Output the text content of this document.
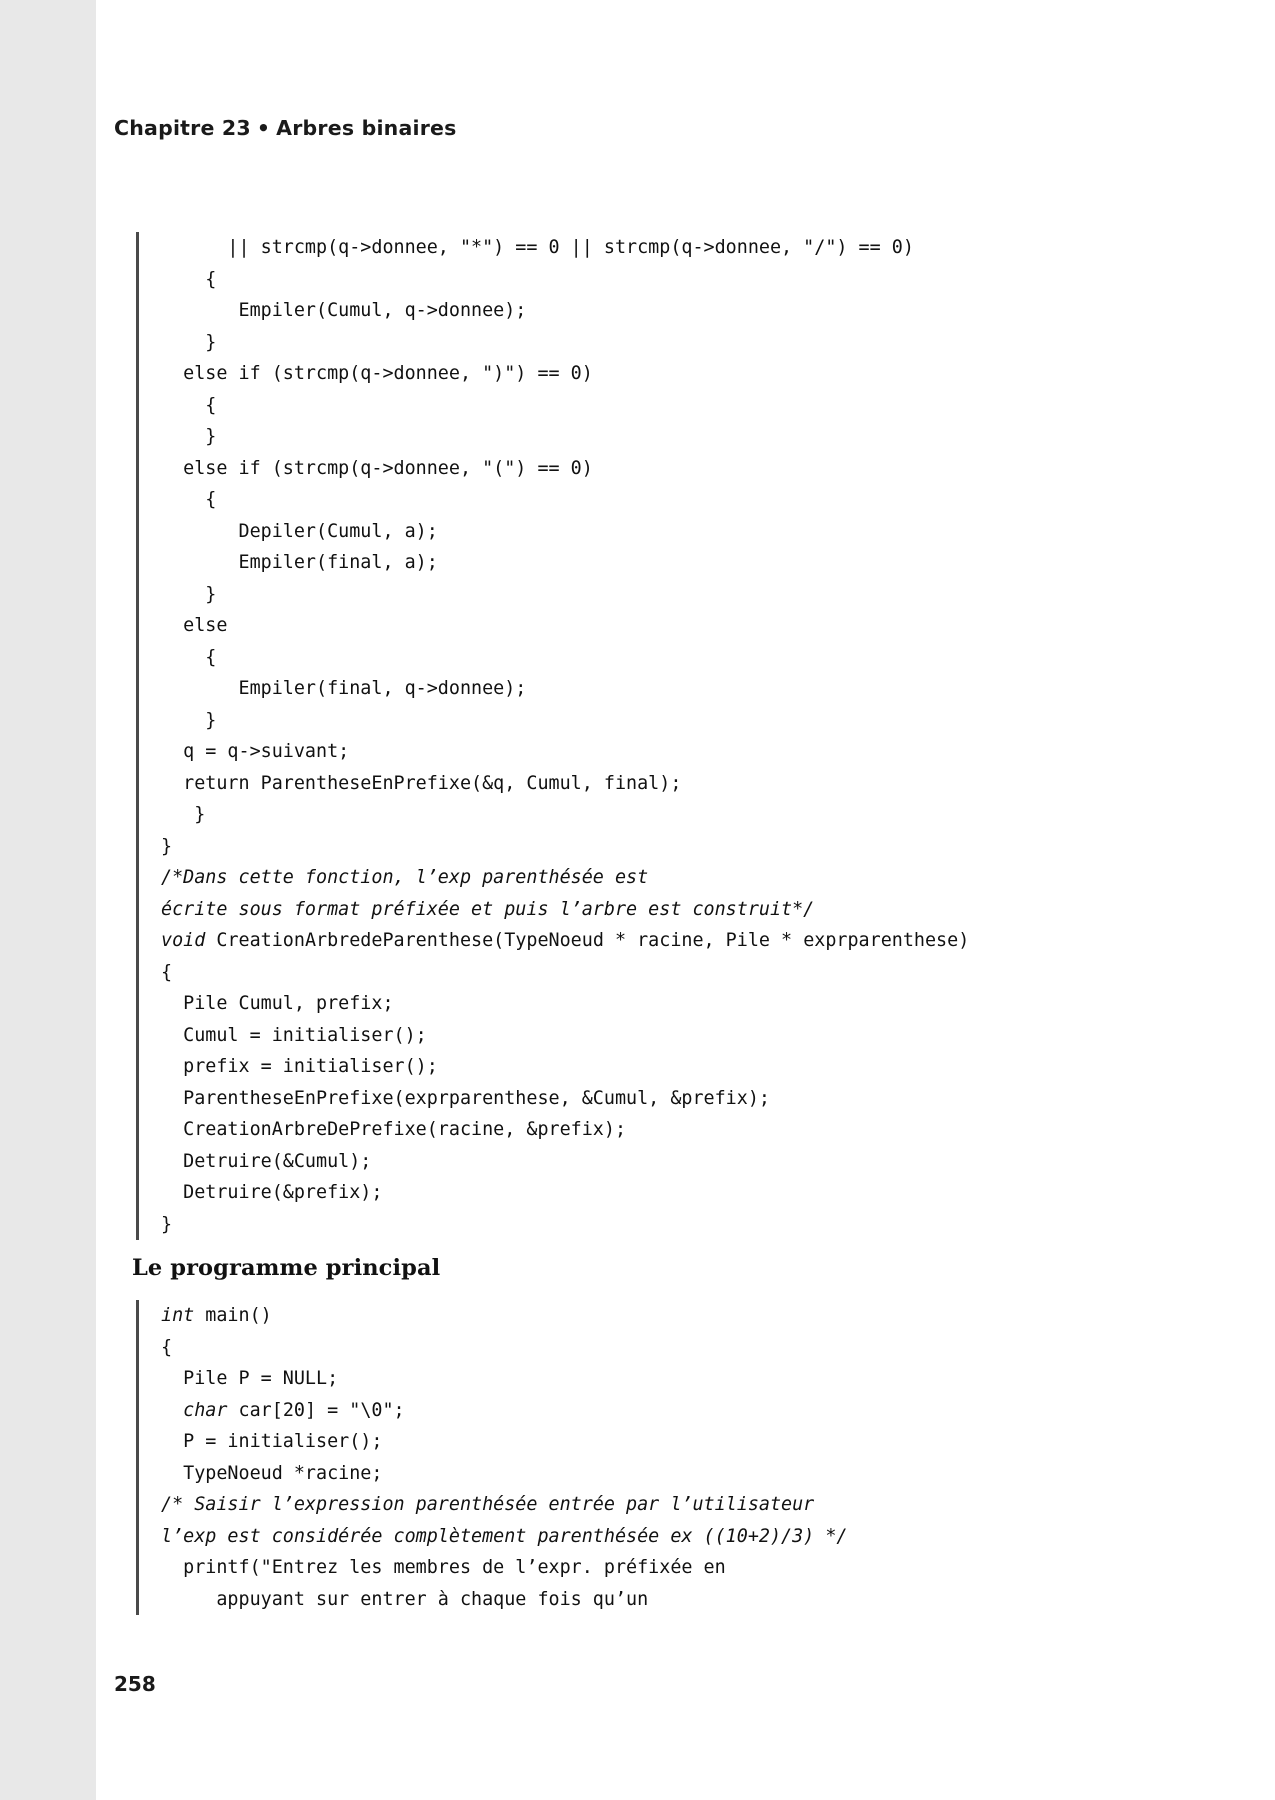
Chapitre 23 • Arbres binaires
|| strcmp(q->donnee, "*") == 0 || strcmp(q->donnee, "/") == 0)
{
Empiler(Cumul, q->donnee);
}
else if (strcmp(q->donnee, ")") == 0)
{
}
else if (strcmp(q->donnee, "(") == 0)
{
Depiler(Cumul, a);
Empiler(final, a);
}
else
{
Empiler(final, q->donnee);
}
q = q->suivant;
return ParentheseEnPrefixe(&q, Cumul, final);
}
}
/*Dans cette fonction, l’exp parenthésée est
écrite sous format préfixée et puis l’arbre est construit*/
void CreationArbredeParenthese(TypeNoeud * racine, Pile * exprparenthese)
{
Pile Cumul, prefix;
Cumul = initialiser();
prefix = initialiser();
ParentheseEnPrefixe(exprparenthese, &Cumul, &prefix);
CreationArbreDePrefixe(racine, &prefix);
Detruire(&Cumul);
Detruire(&prefix);
}
Le programme principal
int main()
{
Pile P = NULL;
char car[20] = "\0";
P = initialiser();
TypeNoeud *racine;
/* Saisir l’expression parenthésée entrée par l’utilisateur
l’exp est considérée complètement parenthésée ex ((10+2)/3) */
printf("Entrez les membres de l’expr. préfixée en
appuyant sur entrer à chaque fois qu’un
258
